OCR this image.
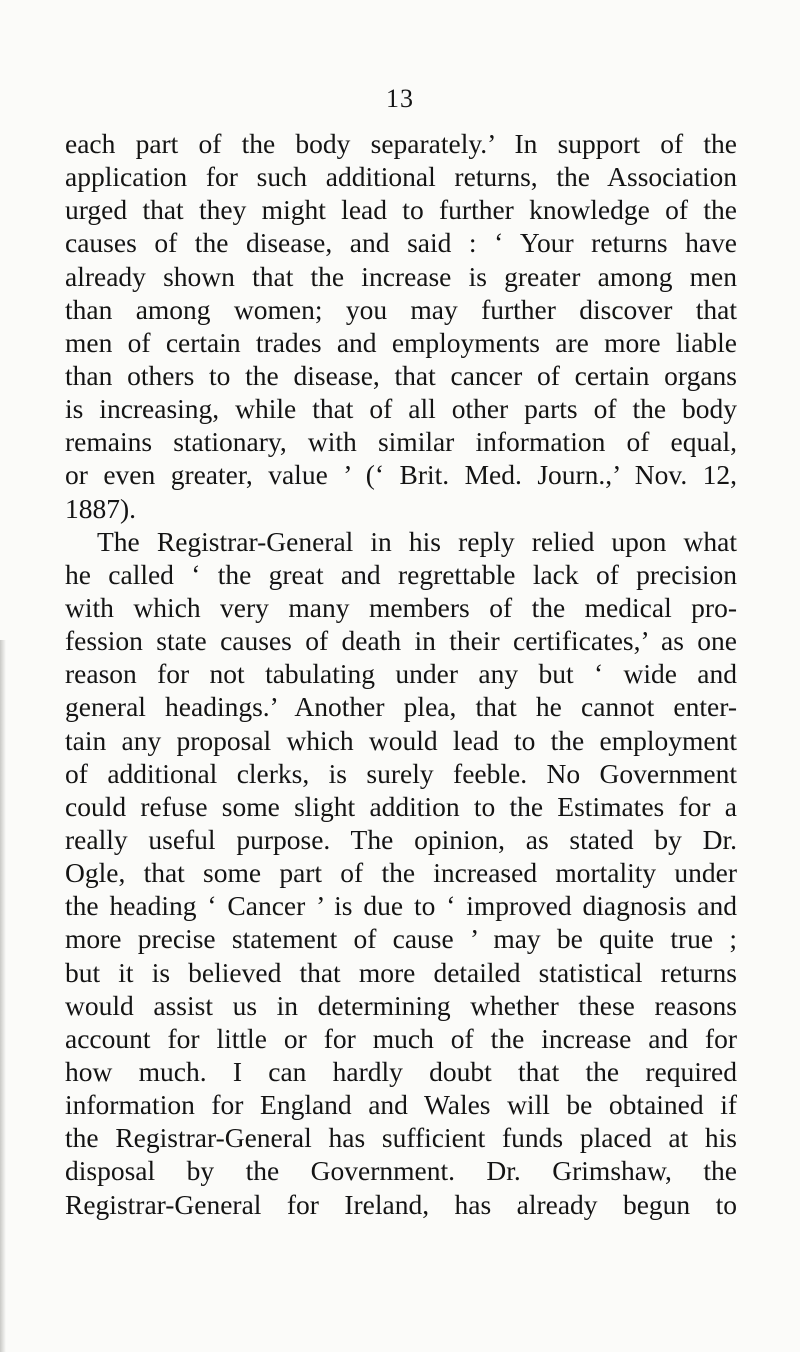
13
each part of the body separately.’ In support of the
application for such additional returns, the Association
urged that they might lead to further knowledge of the
causes of the disease, and said : ‘ Your returns have
already shown that the increase is greater among men
than among women; you may further discover that
men of certain trades and employments are more liable
than others to the disease, that cancer of certain organs
is increasing, while that of all other parts of the body
remains stationary, with similar information of equal,
or even greater, value ’ (‘ Brit. Med. Journ.,’ Nov. 12,
1887).
The Registrar-General in his reply relied upon what
he called ‘ the great and regrettable lack of precision
with which very many members of the medical pro-
fession state causes of death in their certificates,’ as one
reason for not tabulating under any but ‘ wide and
general headings.’ Another plea, that he cannot enter-
tain any proposal which would lead to the employment
of additional clerks, is surely feeble. No Government
could refuse some slight addition to the Estimates for a
really useful purpose. The opinion, as stated by Dr.
Ogle, that some part of the increased mortality under
the heading ‘ Cancer ’ is due to ‘ improved diagnosis and
more precise statement of cause ’ may be quite true ;
but it is believed that more detailed statistical returns
would assist us in determining whether these reasons
account for little or for much of the increase and for
how much. I can hardly doubt that the required
information for England and Wales will be obtained if
the Registrar-General has sufficient funds placed at his
disposal by the Government. Dr. Grimshaw, the
Registrar-General for Ireland, has already begun to
